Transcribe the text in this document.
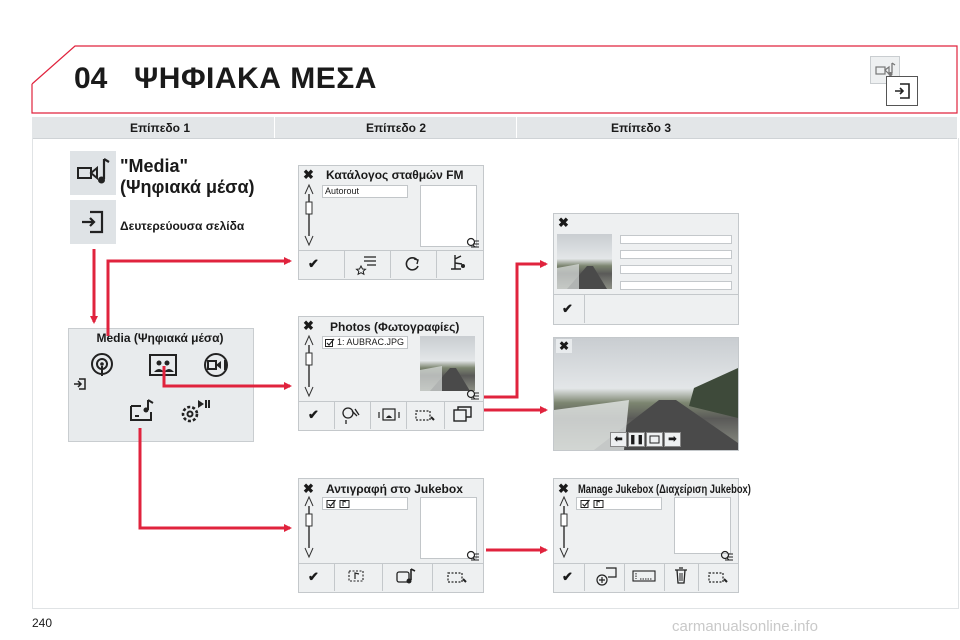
04 ΨΗΦΙΑΚΑ ΜΕΣΑ
Επίπεδο 1	Επίπεδο 2	Επίπεδο 3
"Media"
(Ψηφιακά μέσα)
Δευτερεύουσα σελίδα
Media (Ψηφιακά μέσα)
✖ Κατάλογος σταθμών FM
Autorout
✔
✖ Photos (Φωτογραφίες)
1: AUBRAC.JPG
✔
✖ Αντιγραφή στο Jukebox
✔
✖
✔
✖
⬅ ❚❚	➡
✖ Manage Jukebox (Διαχείριση Jukebox)
✔
240	carmanualsonline.info
